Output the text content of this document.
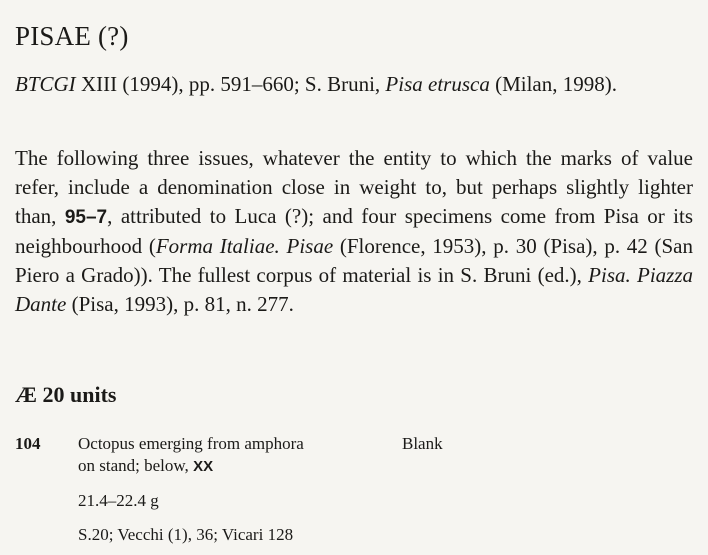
PISAE (?)

BTCGI XIII (1994), pp. 591–660; S. Bruni, Pisa etrusca (Milan, 1998).

The following three issues, whatever the entity to which the marks of value refer, include a denomination close in weight to, but perhaps slightly lighter than, 95–7, attributed to Luca (?); and four specimens come from Pisa or its neighbourhood (Forma Italiae. Pisae (Florence, 1953), p. 30 (Pisa), p. 42 (San Piero a Grado)). The fullest corpus of material is in S. Bruni (ed.), Pisa. Piazza Dante (Pisa, 1993), p. 81, n. 277.

Æ 20 units
104 Octopus emerging from amphora
on stand; below, XX
Blank
21.4–22.4 g
S.20; Vecchi (1), 36; Vicari 128
